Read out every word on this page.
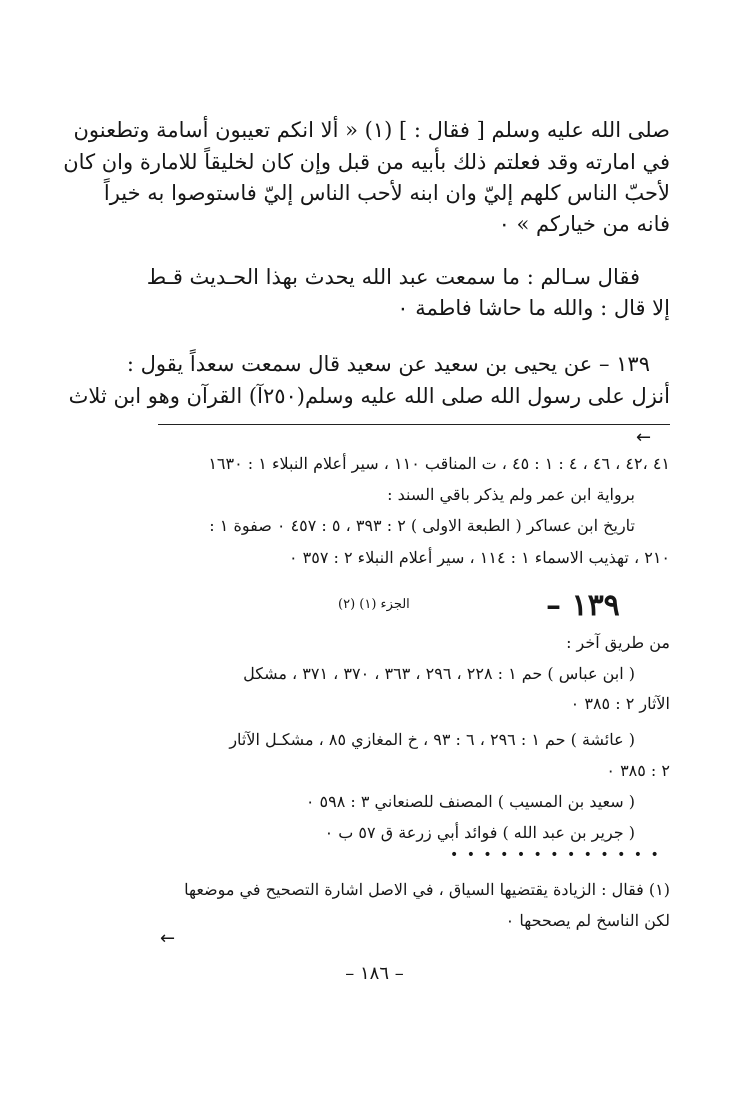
صلى الله عليه وسلم [ فقال : ] (١) « ألا انكم تعيبون أسامة وتطعنون
في امارته وقد فعلتم ذلك بأبيه من قبل وإن كان لخليقاً للامارة وان كان
لأحبّ الناس كلهم إليّ وان ابنه لأحب الناس إليّ فاستوصوا به خيراً
فانه من خياركم » ٠
فقال سـالم : ما سمعت عبد الله يحدث بهذا الحـديث قـط
إلا قال : والله ما حاشا فاطمة ٠
١٣٩ – عن يحيى بن سعيد عن سعيد قال سمعت سعداً يقول :
أنزل على رسول الله صلى الله عليه وسلم(٢٥٠آ) القرآن وهو ابن ثلاث
←
٤١ ،٤٢ ، ٤٦ ، ٤ : ١ : ٤٥ ، ت المناقب ١١٠ ، سير أعلام النبلاء ١ : ١٦٣٠
برواية ابن عمر ولم يذكر باقي السند :
تاريخ ابن عساكر ( الطبعة الاولى ) ٢ : ٣٩٣ ، ٥ : ٤٥٧ ٠ صفوة ١ :
٢١٠ ، تهذيب الاسماء ١ : ١١٤ ، سير أعلام النبلاء ٢ : ٣٥٧ ٠
١٣٩ –
الجزء (١) (٢)
من طريق آخر :
( ابن عباس ) حم ١ : ٢٢٨ ، ٢٩٦ ، ٣٦٣ ، ٣٧٠ ، ٣٧١ ، مشكل
الآثار ٢ : ٣٨٥ ٠
( عائشة ) حم ١ : ٢٩٦ ، ٦ : ٩٣ ، خ المغازي ٨٥ ، مشكـل الآثار
٢ : ٣٨٥ ٠
( سعيد بن المسيب ) المصنف للصنعاني ٣ : ٥٩٨ ٠
( جرير بن عبد الله ) فوائد أبي زرعة ق ٥٧ ب ٠
• • • • • • • • • • • • •
(١) فقال : الزيادة يقتضيها السياق ، في الاصل اشارة التصحيح في موضعها
لكن الناسخ لم يصححها ٠
←
– ١٨٦ –
